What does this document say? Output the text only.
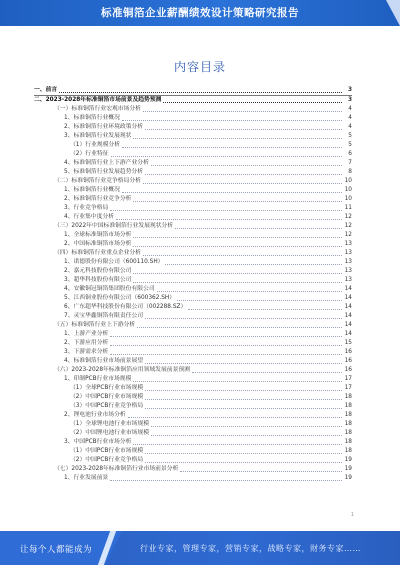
标准铜箔企业薪酬绩效设计策略研究报告
内容目录
一、 前言	3
二、 2023-2028年标准铜箔市场前景及趋势预测	3
（一） 标准铜箔行业宏观市场分析	4
1、 标准铜箔行业概况	4
2、 标准铜箔行业环境政策分析	4
3、 标准铜箔行业发展现状	5
（1） 行业规模分析	5
（2） 行业特征	6
4、 标准铜箔行业上下游产业分析	7
5、 标准铜箔行业发展趋势分析	8
（二） 标准铜箔行业竞争格局分析	10
1、 标准铜箔行业概况	10
2、 标准铜箔行业竞争分析	10
3、 行业竞争格局	11
4、 行业集中度分析	12
（三） 2022年中国标准铜箔行业发展现状分析	12
1、 全球标准铜箔市场分析	12
2、 中国标准铜箔市场分析	13
（四） 标准铜箔行业重点企业分析	13
1、 诺德股份有限公司（600110.SH）	13
2、 嘉元科技股份有限公司	13
3、 超华科技股份有限公司	13
4、 安徽铜冠铜箔集团股份有限公司	14
5、 江西铜业股份有限公司（600362.SH）	14
6、 广东超华科技股份有限公司（002288.SZ）	14
7、 灵宝华鑫铜箔有限责任公司	14
（五） 标准铜箔行业上下游分析	14
1、 上游产业分析	14
2、 下游应用分析	15
3、 下游需求分析	16
4、 标准铜箔行业市场前景展望	16
（六） 2023-2028年标准铜箔应用领域发展前景预测	16
1、 印制PCB行业市场规模	17
（1） 全球PCB行业市场规模	17
（2） 中国PCB行业市场规模	18
（3） 中国PCB行业竞争格局	18
2、 锂电池行业市场分析	18
（1） 全球锂电池行业市场规模	18
（2） 中国锂电池行业市场规模	18
3、 中国PCB行业市场分析	18
（1） 中国PCB行业市场规模	18
（2） 中国PCB行业竞争格局	19
（七） 2023-2028年标准铜箔行业市场前景分析	19
1、 行业发展前景	19
1
让每个人都能成为	行业专家，管理专家，营销专家，战略专家，财务专家……
